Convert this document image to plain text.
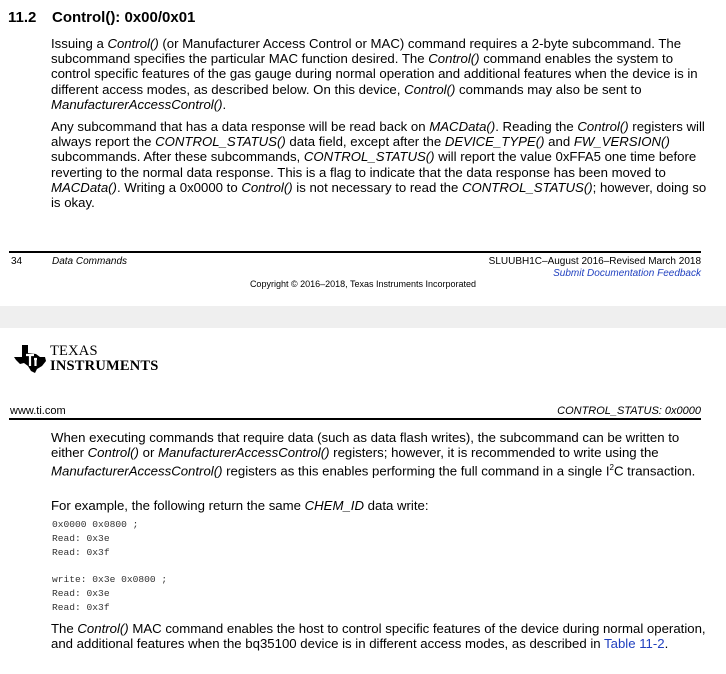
11.2 Control(): 0x00/0x01
Issuing a Control() (or Manufacturer Access Control or MAC) command requires a 2-byte subcommand. The subcommand specifies the particular MAC function desired. The Control() command enables the system to control specific features of the gas gauge during normal operation and additional features when the device is in different access modes, as described below. On this device, Control() commands may also be sent to ManufacturerAccessControl().
Any subcommand that has a data response will be read back on MACData(). Reading the Control() registers will always report the CONTROL_STATUS() data field, except after the DEVICE_TYPE() and FW_VERSION() subcommands. After these subcommands, CONTROL_STATUS() will report the value 0xFFA5 one time before reverting to the normal data response. This is a flag to indicate that the data response has been moved to MACData(). Writing a 0x0000 to Control() is not necessary to read the CONTROL_STATUS(); however, doing so is okay.
34	Data Commands	SLUUBH1C–August 2016–Revised March 2018
Submit Documentation Feedback
Copyright © 2016–2018, Texas Instruments Incorporated
TEXAS
INSTRUMENTS
www.ti.com	CONTROL_STATUS: 0x0000
When executing commands that require data (such as data flash writes), the subcommand can be written to either Control() or ManufacturerAccessControl() registers; however, it is recommended to write using the ManufacturerAccessControl() registers as this enables performing the full command in a single $I^2C$ transaction.
For example, the following return the same CHEM_ID data write:
0x0000 0x0800 ;
Read: 0x3e
Read: 0x3f
write: 0x3e 0x0800 ;
Read: 0x3e
Read: 0x3f
The Control() MAC command enables the host to control specific features of the device during normal operation, and additional features when the bq35100 device is in different access modes, as described in Table 11-2.
